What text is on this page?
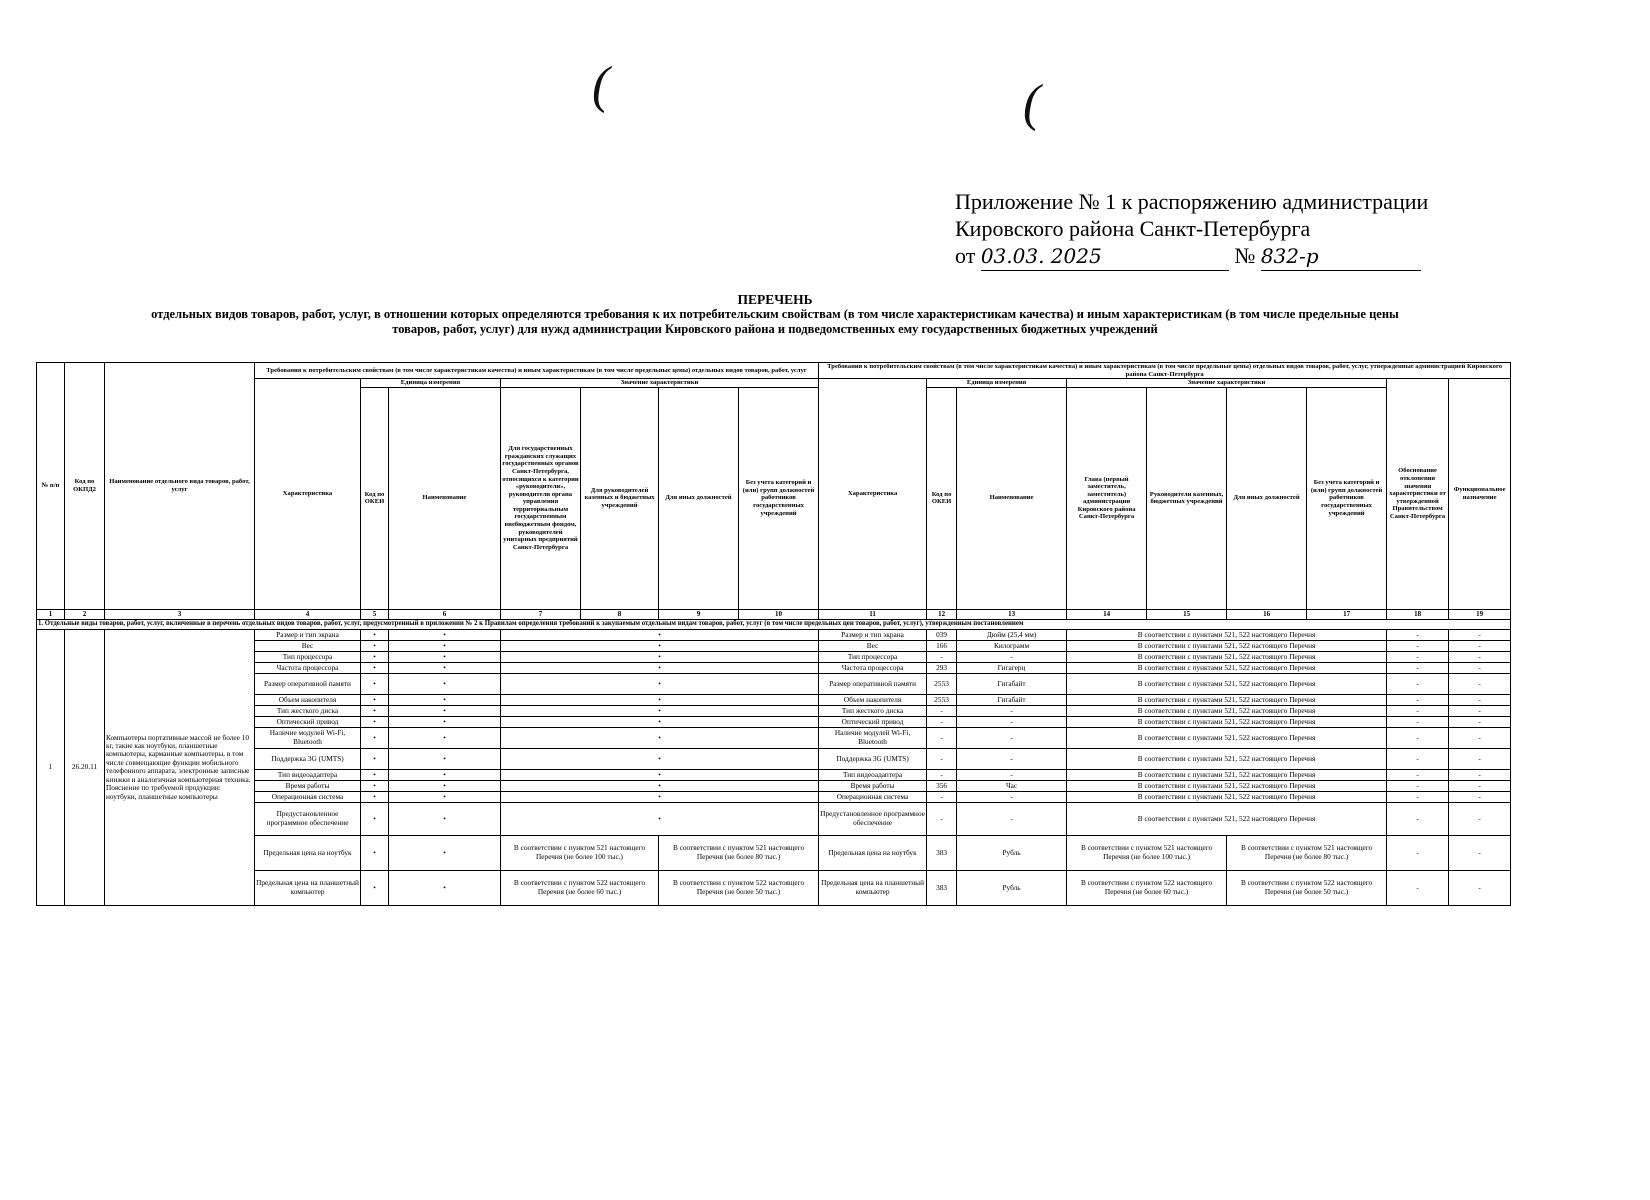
(	(
Приложение № 1 к распоряжению администрации
Кировского района Санкт-Петербурга
от 03.03. 2025	№ 832-р
ПЕРЕЧЕНЬ
отдельных видов товаров, работ, услуг, в отношении которых определяются требования к их потребительским свойствам (в том числе характеристикам качества) и иным характеристикам (в том числе предельные цены
товаров, работ, услуг) для нужд администрации Кировского района и подведомственных ему государственных бюджетных учреждений
№ п/п	Код по ОКПД2	Наименование отдельного вида товаров, работ, услуг	Требования к потребительским свойствам (в том числе характеристикам качества) и иным характеристикам (в том числе предельные цены) отдельных видов товаров, работ, услуг							Требования к потребительским свойствам (в том числе характеристикам качества) и иным характеристикам (в том числе предельные цены) отдельных видов товаров, работ, услуг, утвержденные администрацией Кировского района Санкт-Петербурга								
			Характеристика	Единица измерения		Значение характеристики				Характеристика	Единица измерения		Значение характеристики				Обоснование отклонения значения характеристики от утвержденной Правительством Санкт-Петербурга	Функциональное назначение
				Код по ОКЕИ	Наименование	Для государственных гражданских служащих государственных органов Санкт-Петербурга, относящихся к категории «руководители», руководители органа управления территориальным государственным внебюджетным фондом, руководителей унитарных предприятий Санкт-Петербурга	Для руководителей казенных и бюджетных учреждений	Для иных должностей	Без учета категорий и (или) групп должностей работников государственных учреждений		Код по ОКЕИ	Наименование	Глава (первый заместитель, заместитель) администрации Кировского района Санкт-Петербурга	Руководители казенных, бюджетных учреждений	Для иных должностей	Без учета категорий и (или) групп должностей работников государственных учреждений		
1	2	3	4	5	6	7	8	9	10	11	12	13	14	15	16	17	18	19
1. Отдельные виды товаров, работ, услуг, включенные в перечень отдельных видов товаров, работ, услуг, предусмотренный в приложении № 2 к Правилам определения требований к закупаемым отдельным видам товаров, работ, услуг (в том числе предельных цен товаров, работ, услуг), утвержденным постановлением																		
1	26.20.11	Компьютеры портативные массой не более 10 кг, такие как ноутбуки, планшетные компьютеры, карманные компьютеры, в том числе совмещающие функции мобильного телефонного аппарата, электронные записные книжки и аналогичная компьютерная техника. Пояснение по требуемой продукции: ноутбуки, планшетные компьютеры	Размер и тип экрана	•	•	•				Размер и тип экрана	039	Дюйм (25,4 мм)	В соответствии с пунктами 521, 522 настоящего Перечня				-	-
			Вес	•	•	•				Вес	166	Килограмм	В соответствии с пунктами 521, 522 настоящего Перечня				-	-
			Тип процессора	•	•	•				Тип процессора	-	-	В соответствии с пунктами 521, 522 настоящего Перечня				-	-
			Частота процессора	•	•	•				Частота процессора	293	Гигагерц	В соответствии с пунктами 521, 522 настоящего Перечня				-	-
			Размер оперативной памяти	•	•	•				Размер оперативной памяти	2553	Гигабайт	В соответствии с пунктами 521, 522 настоящего Перечня				-	-
			Объем накопителя	•	•	•				Объем накопителя	2553	Гигабайт	В соответствии с пунктами 521, 522 настоящего Перечня				-	-
			Тип жесткого диска	•	•	•				Тип жесткого диска	-	-	В соответствии с пунктами 521, 522 настоящего Перечня				-	-
			Оптический привод	•	•	•				Оптический привод	-	-	В соответствии с пунктами 521, 522 настоящего Перечня				-	-
			Наличие модулей Wi-Fi, Bluetooth	•	•	•				Наличие модулей Wi-Fi, Bluetooth	-	-	В соответствии с пунктами 521, 522 настоящего Перечня				-	-
			Поддержка 3G (UMTS)	•	•	•				Поддержка 3G (UMTS)	-	-	В соответствии с пунктами 521, 522 настоящего Перечня				-	-
			Тип видеоадаптера	•	•	•				Тип видеоадаптера	-	-	В соответствии с пунктами 521, 522 настоящего Перечня				-	-
			Время работы	•	•	•				Время работы	356	Час	В соответствии с пунктами 521, 522 настоящего Перечня				-	-
			Операционная система	•	•	•				Операционная система	-	-	В соответствии с пунктами 521, 522 настоящего Перечня				-	-
			Предустановленное программное обеспечение	•	•	•				Предустановленное программное обеспечение	-	-	В соответствии с пунктами 521, 522 настоящего Перечня				-	-
			Предельная цена на ноутбук	•	•	В соответствии с пунктом 521 настоящего Перечня (не более 100 тыс.)		В соответствии с пунктом 521 настоящего Перечня (не более 80 тыс.)		Предельная цена на ноутбук	383	Рубль	В соответствии с пунктом 521 настоящего Перечня (не более 100 тыс.)		В соответствии с пунктом 521 настоящего Перечня (не более 80 тыс.)		-	-
			Предельная цена на планшетный компьютер	•	•	В соответствии с пунктом 522 настоящего Перечня (не более 60 тыс.)		В соответствии с пунктом 522 настоящего Перечня (не более 50 тыс.)		Предельная цена на планшетный компьютер	383	Рубль	В соответствии с пунктом 522 настоящего Перечня (не более 60 тыс.)		В соответствии с пунктом 522 настоящего Перечня (не более 50 тыс.)		-	-
